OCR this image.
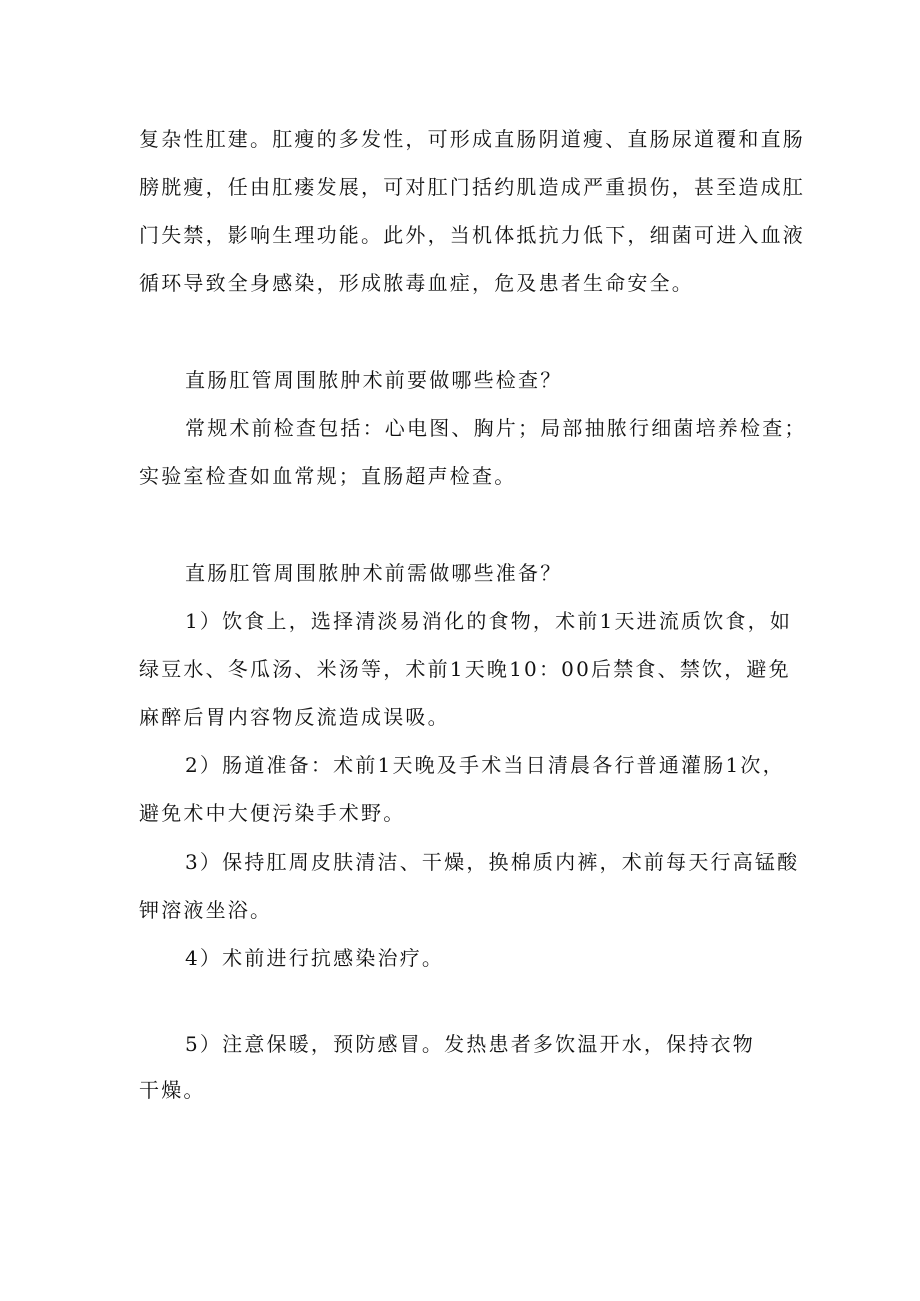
复杂性肛建。肛瘦的多发性，可形成直肠阴道瘦、直肠尿道覆和直肠
膀胱瘦，任由肛瘘发展，可对肛门括约肌造成严重损伤，甚至造成肛
门失禁，影响生理功能。此外，当机体抵抗力低下，细菌可进入血液
循环导致全身感染，形成脓毒血症，危及患者生命安全。
直肠肛管周围脓肿术前要做哪些检查？
常规术前检查包括：心电图、胸片；局部抽脓行细菌培养检查；
实验室检查如血常规；直肠超声检查。
直肠肛管周围脓肿术前需做哪些准备？
1）饮食上，选择清淡易消化的食物，术前1天进流质饮食，如
绿豆水、冬瓜汤、米汤等，术前1天晚10：00后禁食、禁饮，避免
麻醉后胃内容物反流造成误吸。
2）肠道准备：术前1天晚及手术当日清晨各行普通灌肠1次，
避免术中大便污染手术野。
3）保持肛周皮肤清洁、干燥，换棉质内裤，术前每天行高锰酸
钾溶液坐浴。
4）术前进行抗感染治疗。
5）注意保暖，预防感冒。发热患者多饮温开水，保持衣物
干燥。
